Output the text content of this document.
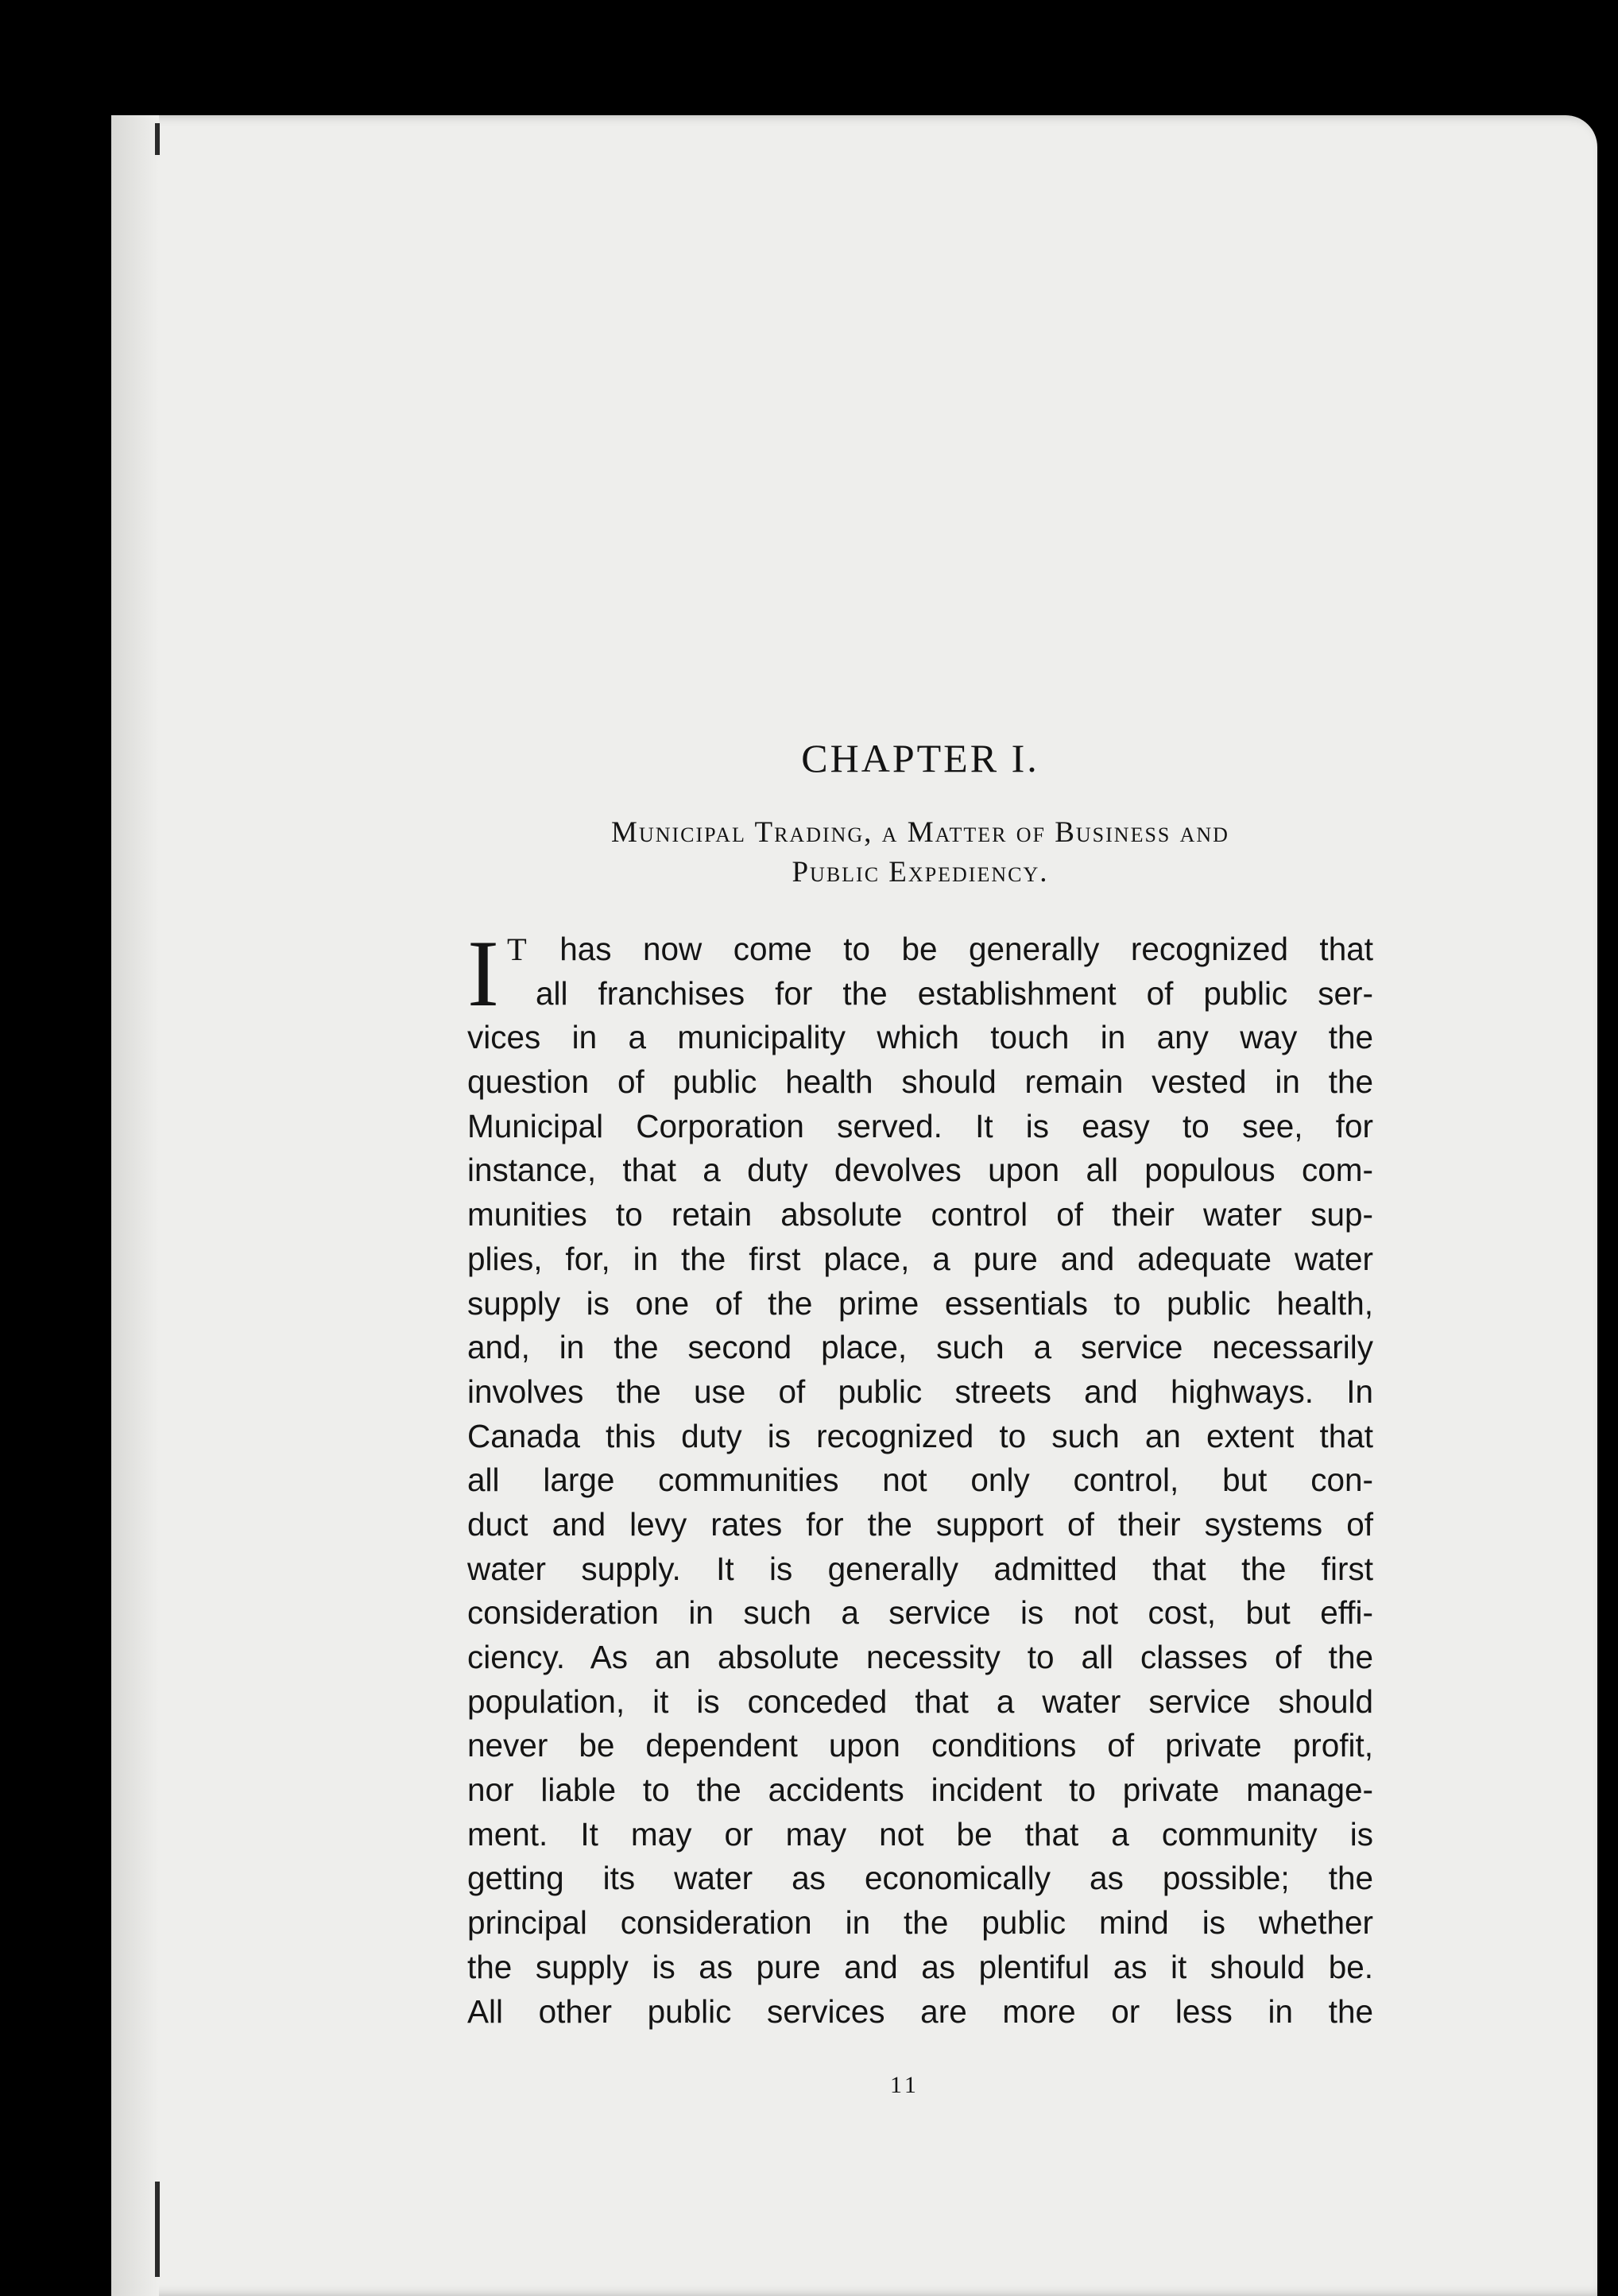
CHAPTER I.
Municipal Trading, a Matter of Business and
Public Expediency.
I T has now come to be generally recognized that
all franchises for the establishment of public ser-
vices in a municipality which touch in any way the
question of public health should remain vested in the
Municipal Corporation served. It is easy to see, for
instance, that a duty devolves upon all populous com-
munities to retain absolute control of their water sup-
plies, for, in the first place, a pure and adequate water
supply is one of the prime essentials to public health,
and, in the second place, such a service necessarily
involves the use of public streets and highways. In
Canada this duty is recognized to such an extent that
all large communities not only control, but con-
duct and levy rates for the support of their systems of
water supply. It is generally admitted that the first
consideration in such a service is not cost, but effi-
ciency. As an absolute necessity to all classes of the
population, it is conceded that a water service should
never be dependent upon conditions of private profit,
nor liable to the accidents incident to private manage-
ment. It may or may not be that a community is
getting its water as economically as possible; the
principal consideration in the public mind is whether
the supply is as pure and as plentiful as it should be.
All other public services are more or less in the
11
